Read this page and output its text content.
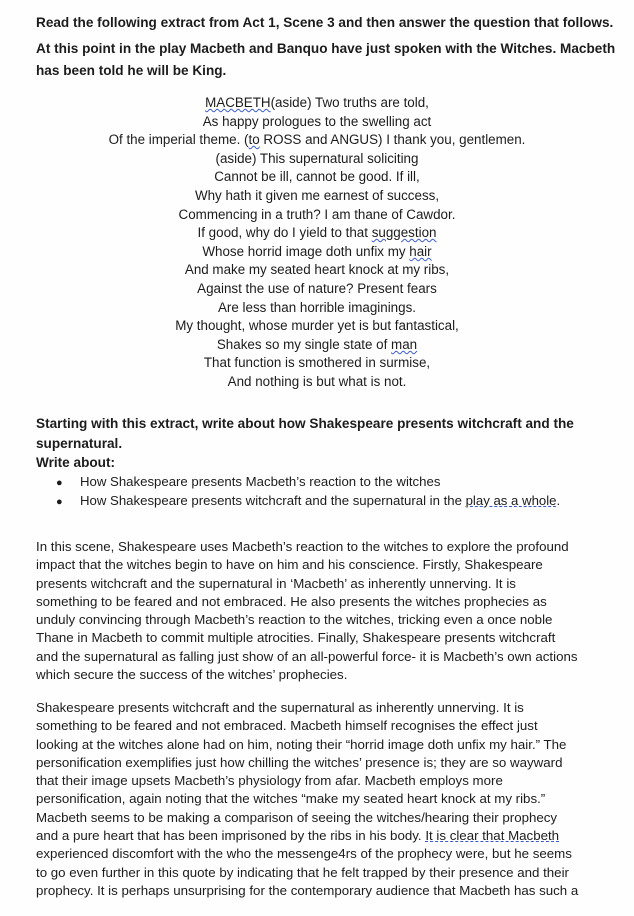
Read the following extract from Act 1, Scene 3 and then answer the question that follows.
At this point in the play Macbeth and Banquo have just spoken with the Witches. Macbeth
has been told he will be King.
MACBETH(aside) Two truths are told,
As happy prologues to the swelling act
Of the imperial theme. (to ROSS and ANGUS) I thank you, gentlemen.
(aside) This supernatural soliciting
Cannot be ill, cannot be good. If ill,
Why hath it given me earnest of success,
Commencing in a truth? I am thane of Cawdor.
If good, why do I yield to that suggestion
Whose horrid image doth unfix my hair
And make my seated heart knock at my ribs,
Against the use of nature? Present fears
Are less than horrible imaginings.
My thought, whose murder yet is but fantastical,
Shakes so my single state of man
That function is smothered in surmise,
And nothing is but what is not.
Starting with this extract, write about how Shakespeare presents witchcraft and the
supernatural.
Write about:
● How Shakespeare presents Macbeth’s reaction to the witches
● How Shakespeare presents witchcraft and the supernatural in the play as a whole.
In this scene, Shakespeare uses Macbeth’s reaction to the witches to explore the profound
impact that the witches begin to have on him and his conscience. Firstly, Shakespeare
presents witchcraft and the supernatural in ‘Macbeth’ as inherently unnerving. It is
something to be feared and not embraced. He also presents the witches prophecies as
unduly convincing through Macbeth’s reaction to the witches, tricking even a once noble
Thane in Macbeth to commit multiple atrocities. Finally, Shakespeare presents witchcraft
and the supernatural as falling just show of an all-powerful force- it is Macbeth’s own actions
which secure the success of the witches’ prophecies.
Shakespeare presents witchcraft and the supernatural as inherently unnerving. It is
something to be feared and not embraced. Macbeth himself recognises the effect just
looking at the witches alone had on him, noting their “horrid image doth unfix my hair.” The
personification exemplifies just how chilling the witches’ presence is; they are so wayward
that their image upsets Macbeth’s physiology from afar. Macbeth employs more
personification, again noting that the witches “make my seated heart knock at my ribs.”
Macbeth seems to be making a comparison of seeing the witches/hearing their prophecy
and a pure heart that has been imprisoned by the ribs in his body. It is clear that Macbeth
experienced discomfort with the who the messenge4rs of the prophecy were, but he seems
to go even further in this quote by indicating that he felt trapped by their presence and their
prophecy. It is perhaps unsurprising for the contemporary audience that Macbeth has such a
